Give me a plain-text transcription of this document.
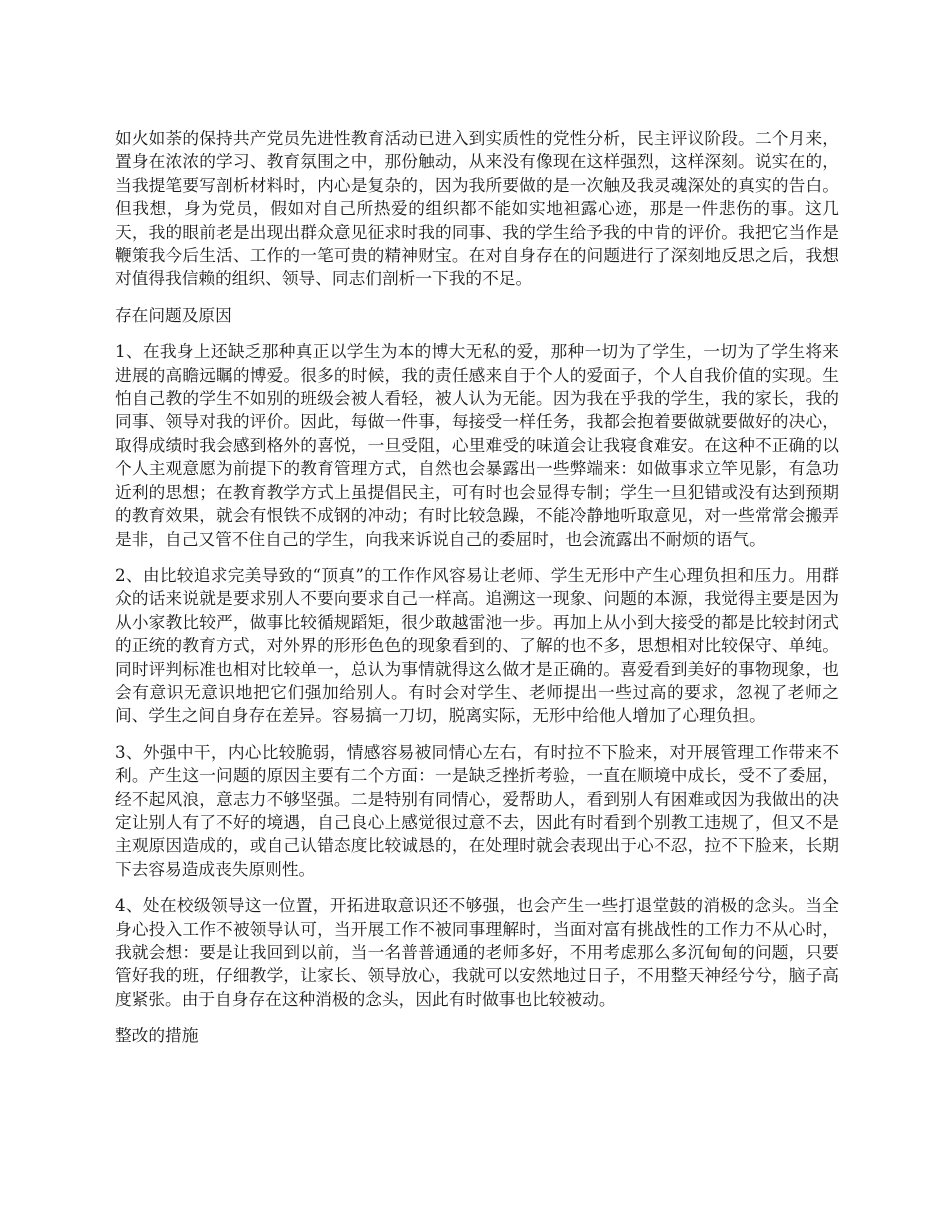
如火如荼的保持共产党员先进性教育活动已进入到实质性的党性分析，民主评议阶段。二个月来，置身在浓浓的学习、教育氛围之中，那份触动，从来没有像现在这样强烈，这样深刻。说实在的，当我提笔要写剖析材料时，内心是复杂的，因为我所要做的是一次触及我灵魂深处的真实的告白。但我想，身为党员，假如对自己所热爱的组织都不能如实地袒露心迹，那是一件悲伤的事。这几天，我的眼前老是出现出群众意见征求时我的同事、我的学生给予我的中肯的评价。我把它当作是鞭策我今后生活、工作的一笔可贵的精神财宝。在对自身存在的问题进行了深刻地反思之后，我想对值得我信赖的组织、领导、同志们剖析一下我的不足。

存在问题及原因

1、在我身上还缺乏那种真正以学生为本的博大无私的爱，那种一切为了学生，一切为了学生将来进展的高瞻远瞩的博爱。很多的时候，我的责任感来自于个人的爱面子，个人自我价值的实现。生怕自己教的学生不如别的班级会被人看轻，被人认为无能。因为我在乎我的学生，我的家长，我的同事、领导对我的评价。因此，每做一件事，每接受一样任务，我都会抱着要做就要做好的决心，取得成绩时我会感到格外的喜悦，一旦受阻，心里难受的味道会让我寝食难安。在这种不正确的以个人主观意愿为前提下的教育管理方式，自然也会暴露出一些弊端来：如做事求立竿见影，有急功近利的思想；在教育教学方式上虽提倡民主，可有时也会显得专制；学生一旦犯错或没有达到预期的教育效果，就会有恨铁不成钢的冲动；有时比较急躁，不能冷静地听取意见，对一些常常会搬弄是非，自己又管不住自己的学生，向我来诉说自己的委屈时，也会流露出不耐烦的语气。

2、由比较追求完美导致的“顶真”的工作作风容易让老师、学生无形中产生心理负担和压力。用群众的话来说就是要求别人不要向要求自己一样高。追溯这一现象、问题的本源，我觉得主要是因为从小家教比较严，做事比较循规蹈矩，很少敢越雷池一步。再加上从小到大接受的都是比较封闭式的正统的教育方式，对外界的形形色色的现象看到的、了解的也不多，思想相对比较保守、单纯。同时评判标准也相对比较单一，总认为事情就得这么做才是正确的。喜爱看到美好的事物现象，也会有意识无意识地把它们强加给别人。有时会对学生、老师提出一些过高的要求，忽视了老师之间、学生之间自身存在差异。容易搞一刀切，脱离实际，无形中给他人增加了心理负担。

3、外强中干，内心比较脆弱，情感容易被同情心左右，有时拉不下脸来，对开展管理工作带来不利。产生这一问题的原因主要有二个方面：一是缺乏挫折考验，一直在顺境中成长，受不了委屈，经不起风浪，意志力不够坚强。二是特别有同情心，爱帮助人，看到别人有困难或因为我做出的决定让别人有了不好的境遇，自己良心上感觉很过意不去，因此有时看到个别教工违规了，但又不是主观原因造成的，或自己认错态度比较诚恳的，在处理时就会表现出于心不忍，拉不下脸来，长期下去容易造成丧失原则性。

4、处在校级领导这一位置，开拓进取意识还不够强，也会产生一些打退堂鼓的消极的念头。当全身心投入工作不被领导认可，当开展工作不被同事理解时，当面对富有挑战性的工作力不从心时，我就会想：要是让我回到以前，当一名普普通通的老师多好，不用考虑那么多沉甸甸的问题，只要管好我的班，仔细教学，让家长、领导放心，我就可以安然地过日子，不用整天神经兮兮，脑子高度紧张。由于自身存在这种消极的念头，因此有时做事也比较被动。

整改的措施
